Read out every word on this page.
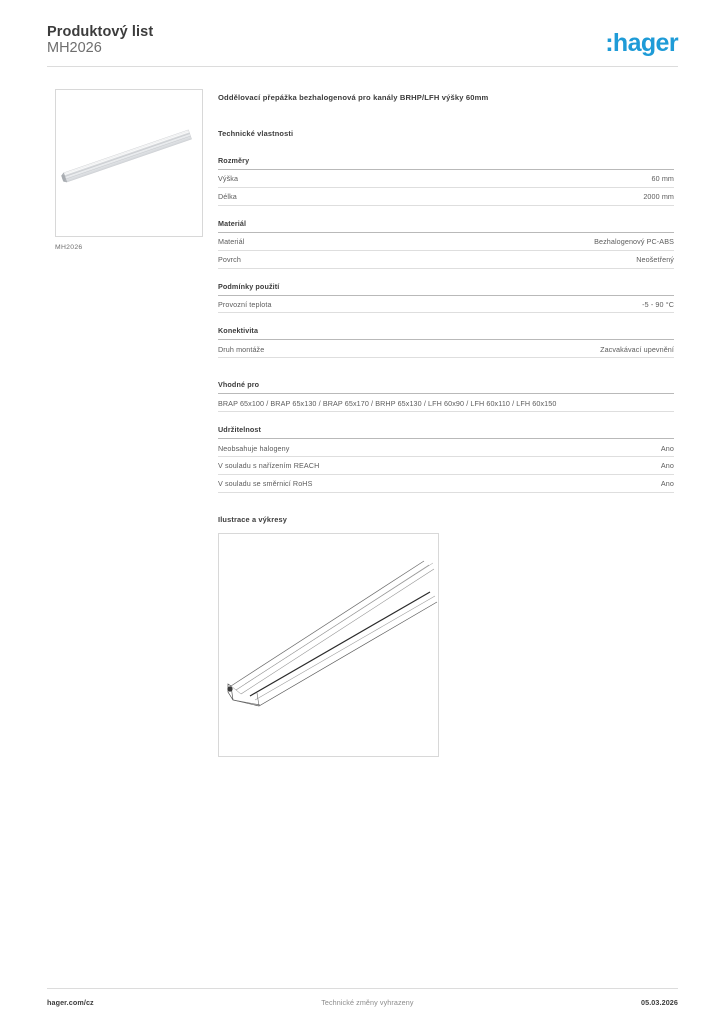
Produktový list
MH2026	:hager
MH2026
Oddělovací přepážka bezhalogenová pro kanály BRHP/LFH výšky 60mm
Technické vlastnosti
Rozměry
Výška	60 mm
Délka	2000 mm
Materiál
Materiál	Bezhalogenový PC-ABS
Povrch	Neošetřený
Podmínky použití
Provozní teplota	-5 - 90 °C
Konektivita
Druh montáže	Zacvakávací upevnění
Vhodné pro
BRAP 65x100 / BRAP 65x130 / BRAP 65x170 / BRHP 65x130 / LFH 60x90 / LFH 60x110 / LFH 60x150
Udržitelnost
Neobsahuje halogeny	Ano
V souladu s nařízením REACH	Ano
V souladu se směrnicí RoHS	Ano
Ilustrace a výkresy
hager.com/cz	Technické změny vyhrazeny	05.03.2026
